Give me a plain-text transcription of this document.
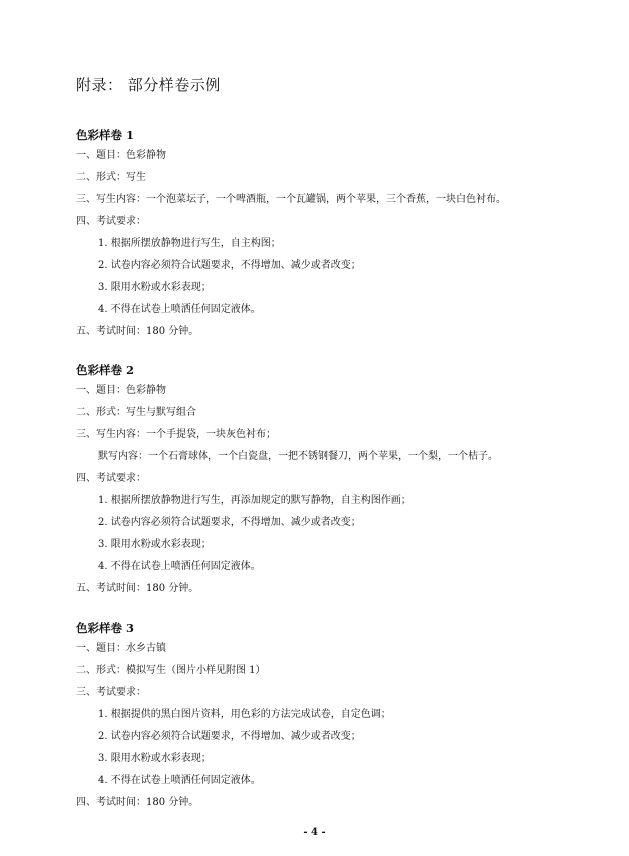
附录： 部分样卷示例
色彩样卷 1
一、题目：色彩静物
二、形式：写生
三、写生内容：一个泡菜坛子，一个啤酒瓶，一个瓦罐锅，两个苹果，三个香蕉，一块白色衬布。
四、考试要求：
1. 根据所摆放静物进行写生，自主构图；
2. 试卷内容必须符合试题要求，不得增加、减少或者改变；
3. 限用水粉或水彩表现；
4. 不得在试卷上喷洒任何固定液体。
五、考试时间：180 分钟。
色彩样卷 2
一、题目：色彩静物
二、形式：写生与默写组合
三、写生内容：一个手提袋，一块灰色衬布；
默写内容：一个石膏球体，一个白瓷盘，一把不锈钢餐刀，两个苹果，一个梨，一个桔子。
四、考试要求：
1. 根据所摆放静物进行写生，再添加规定的默写静物，自主构图作画；
2. 试卷内容必须符合试题要求，不得增加、减少或者改变；
3. 限用水粉或水彩表现；
4. 不得在试卷上喷洒任何固定液体。
五、考试时间：180 分钟。
色彩样卷 3
一、题目：水乡古镇
二、形式：模拟写生（图片小样见附图 1）
三、考试要求：
1. 根据提供的黑白图片资料，用色彩的方法完成试卷，自定色调；
2. 试卷内容必须符合试题要求，不得增加、减少或者改变；
3. 限用水粉或水彩表现；
4. 不得在试卷上喷洒任何固定液体。
四、考试时间：180 分钟。
- 4 -
